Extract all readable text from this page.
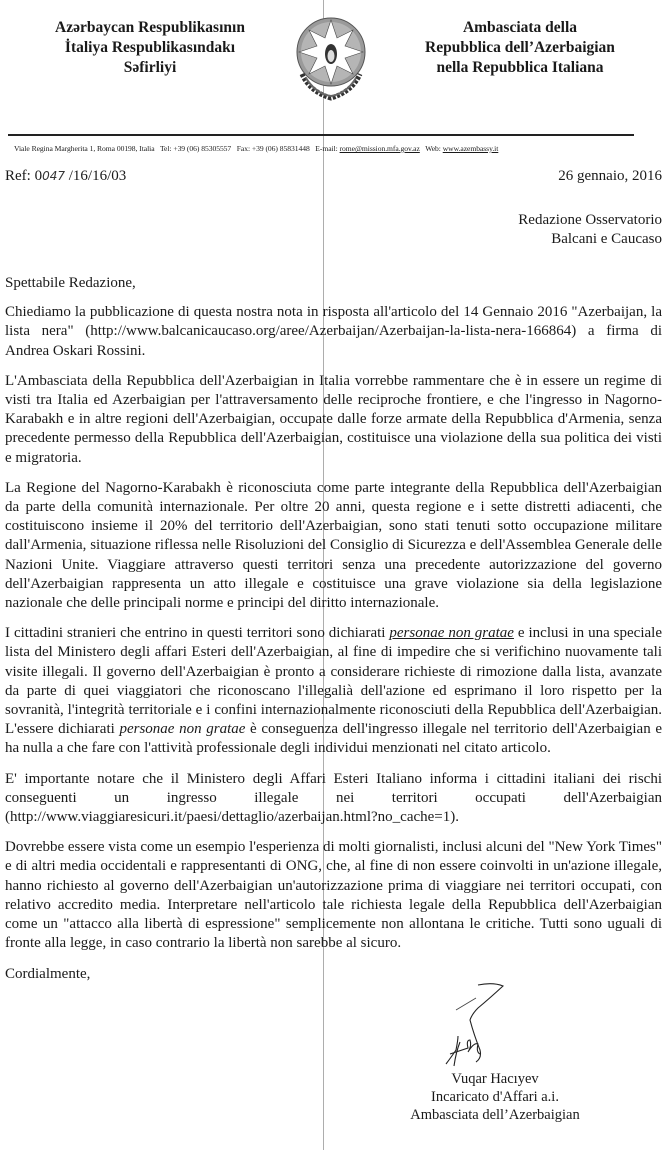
Azərbaycan Respublikasının
İtaliya Respublikasındakı
Səfirliyi
Ambasciata della
Repubblica dell’Azerbaigian
nella Repubblica Italiana
Viale Regina Margherita 1, Roma 00198, Italia Tel: +39 (06) 85305557 Fax: +39 (06) 85831448 E-mail: rome@mission.mfa.gov.az Web: www.azembassy.it
Ref: 0047 /16/16/03	26 gennaio, 2016
Redazione Osservatorio
Balcani e Caucaso

Spettabile Redazione,

Chiediamo la pubblicazione di questa nostra nota in risposta all'articolo del 14 Gennaio 2016 "Azerbaijan, la lista nera" (http://www.balcanicaucaso.org/aree/Azerbaijan/Azerbaijan-la-lista-nera-166864) a firma di Andrea Oskari Rossini.

L'Ambasciata della Repubblica dell'Azerbaigian in Italia vorrebbe rammentare che è in essere un regime di visti tra Italia ed Azerbaigian per l'attraversamento delle reciproche frontiere, e che l'ingresso in Nagorno-Karabakh e in altre regioni dell'Azerbaigian, occupate dalle forze armate della Repubblica d'Armenia, senza precedente permesso della Repubblica dell'Azerbaigian, costituisce una violazione della sua politica dei visti e migratoria.

La Regione del Nagorno-Karabakh è riconosciuta come parte integrante della Repubblica dell'Azerbaigian da parte della comunità internazionale. Per oltre 20 anni, questa regione e i sette distretti adiacenti, che costituiscono insieme il 20% del territorio dell'Azerbaigian, sono stati tenuti sotto occupazione militare dall'Armenia, situazione riflessa nelle Risoluzioni del Consiglio di Sicurezza e dell'Assemblea Generale delle Nazioni Unite. Viaggiare attraverso questi territori senza una precedente autorizzazione del governo dell'Azerbaigian rappresenta un atto illegale e costituisce una grave violazione sia della legislazione nazionale che delle principali norme e principi del diritto internazionale.

I cittadini stranieri che entrino in questi territori sono dichiarati personae non gratae e inclusi in una speciale lista del Ministero degli affari Esteri dell'Azerbaigian, al fine di impedire che si verifichino nuovamente tali visite illegali. Il governo dell'Azerbaigian è pronto a considerare richieste di rimozione dalla lista, avanzate da parte di quei viaggiatori che riconoscano l'illegalià dell'azione ed esprimano il loro rispetto per la sovranità, l'integrità territoriale e i confini internazionalmente riconosciuti della Repubblica dell'Azerbaigian. L'essere dichiarati personae non gratae è conseguenza dell'ingresso illegale nel territorio dell'Azerbaigian e ha nulla a che fare con l'attività professionale degli individui menzionati nel citato articolo.

E' importante notare che il Ministero degli Affari Esteri Italiano informa i cittadini italiani dei rischi conseguenti un ingresso illegale nei territori occupati dell'Azerbaigian (http://www.viaggiaresicuri.it/paesi/dettaglio/azerbaijan.html?no_cache=1).

Dovrebbe essere vista come un esempio l'esperienza di molti giornalisti, inclusi alcuni del "New York Times" e di altri media occidentali e rappresentanti di ONG, che, al fine di non essere coinvolti in un'azione illegale, hanno richiesto al governo dell'Azerbaigian un'autorizzazione prima di viaggiare nei territori occupati, con relativo accredito media. Interpretare nell'articolo tale richiesta legale della Repubblica dell'Azerbaigian come un "attacco alla libertà di espressione" semplicemente non allontana le critiche. Tutti sono uguali di fronte alla legge, in caso contrario la libertà non sarebbe al sicuro.

Cordialmente,

Vuqar Hacıyev
Incaricato d'Affari a.i.
Ambasciata dell’Azerbaigian
